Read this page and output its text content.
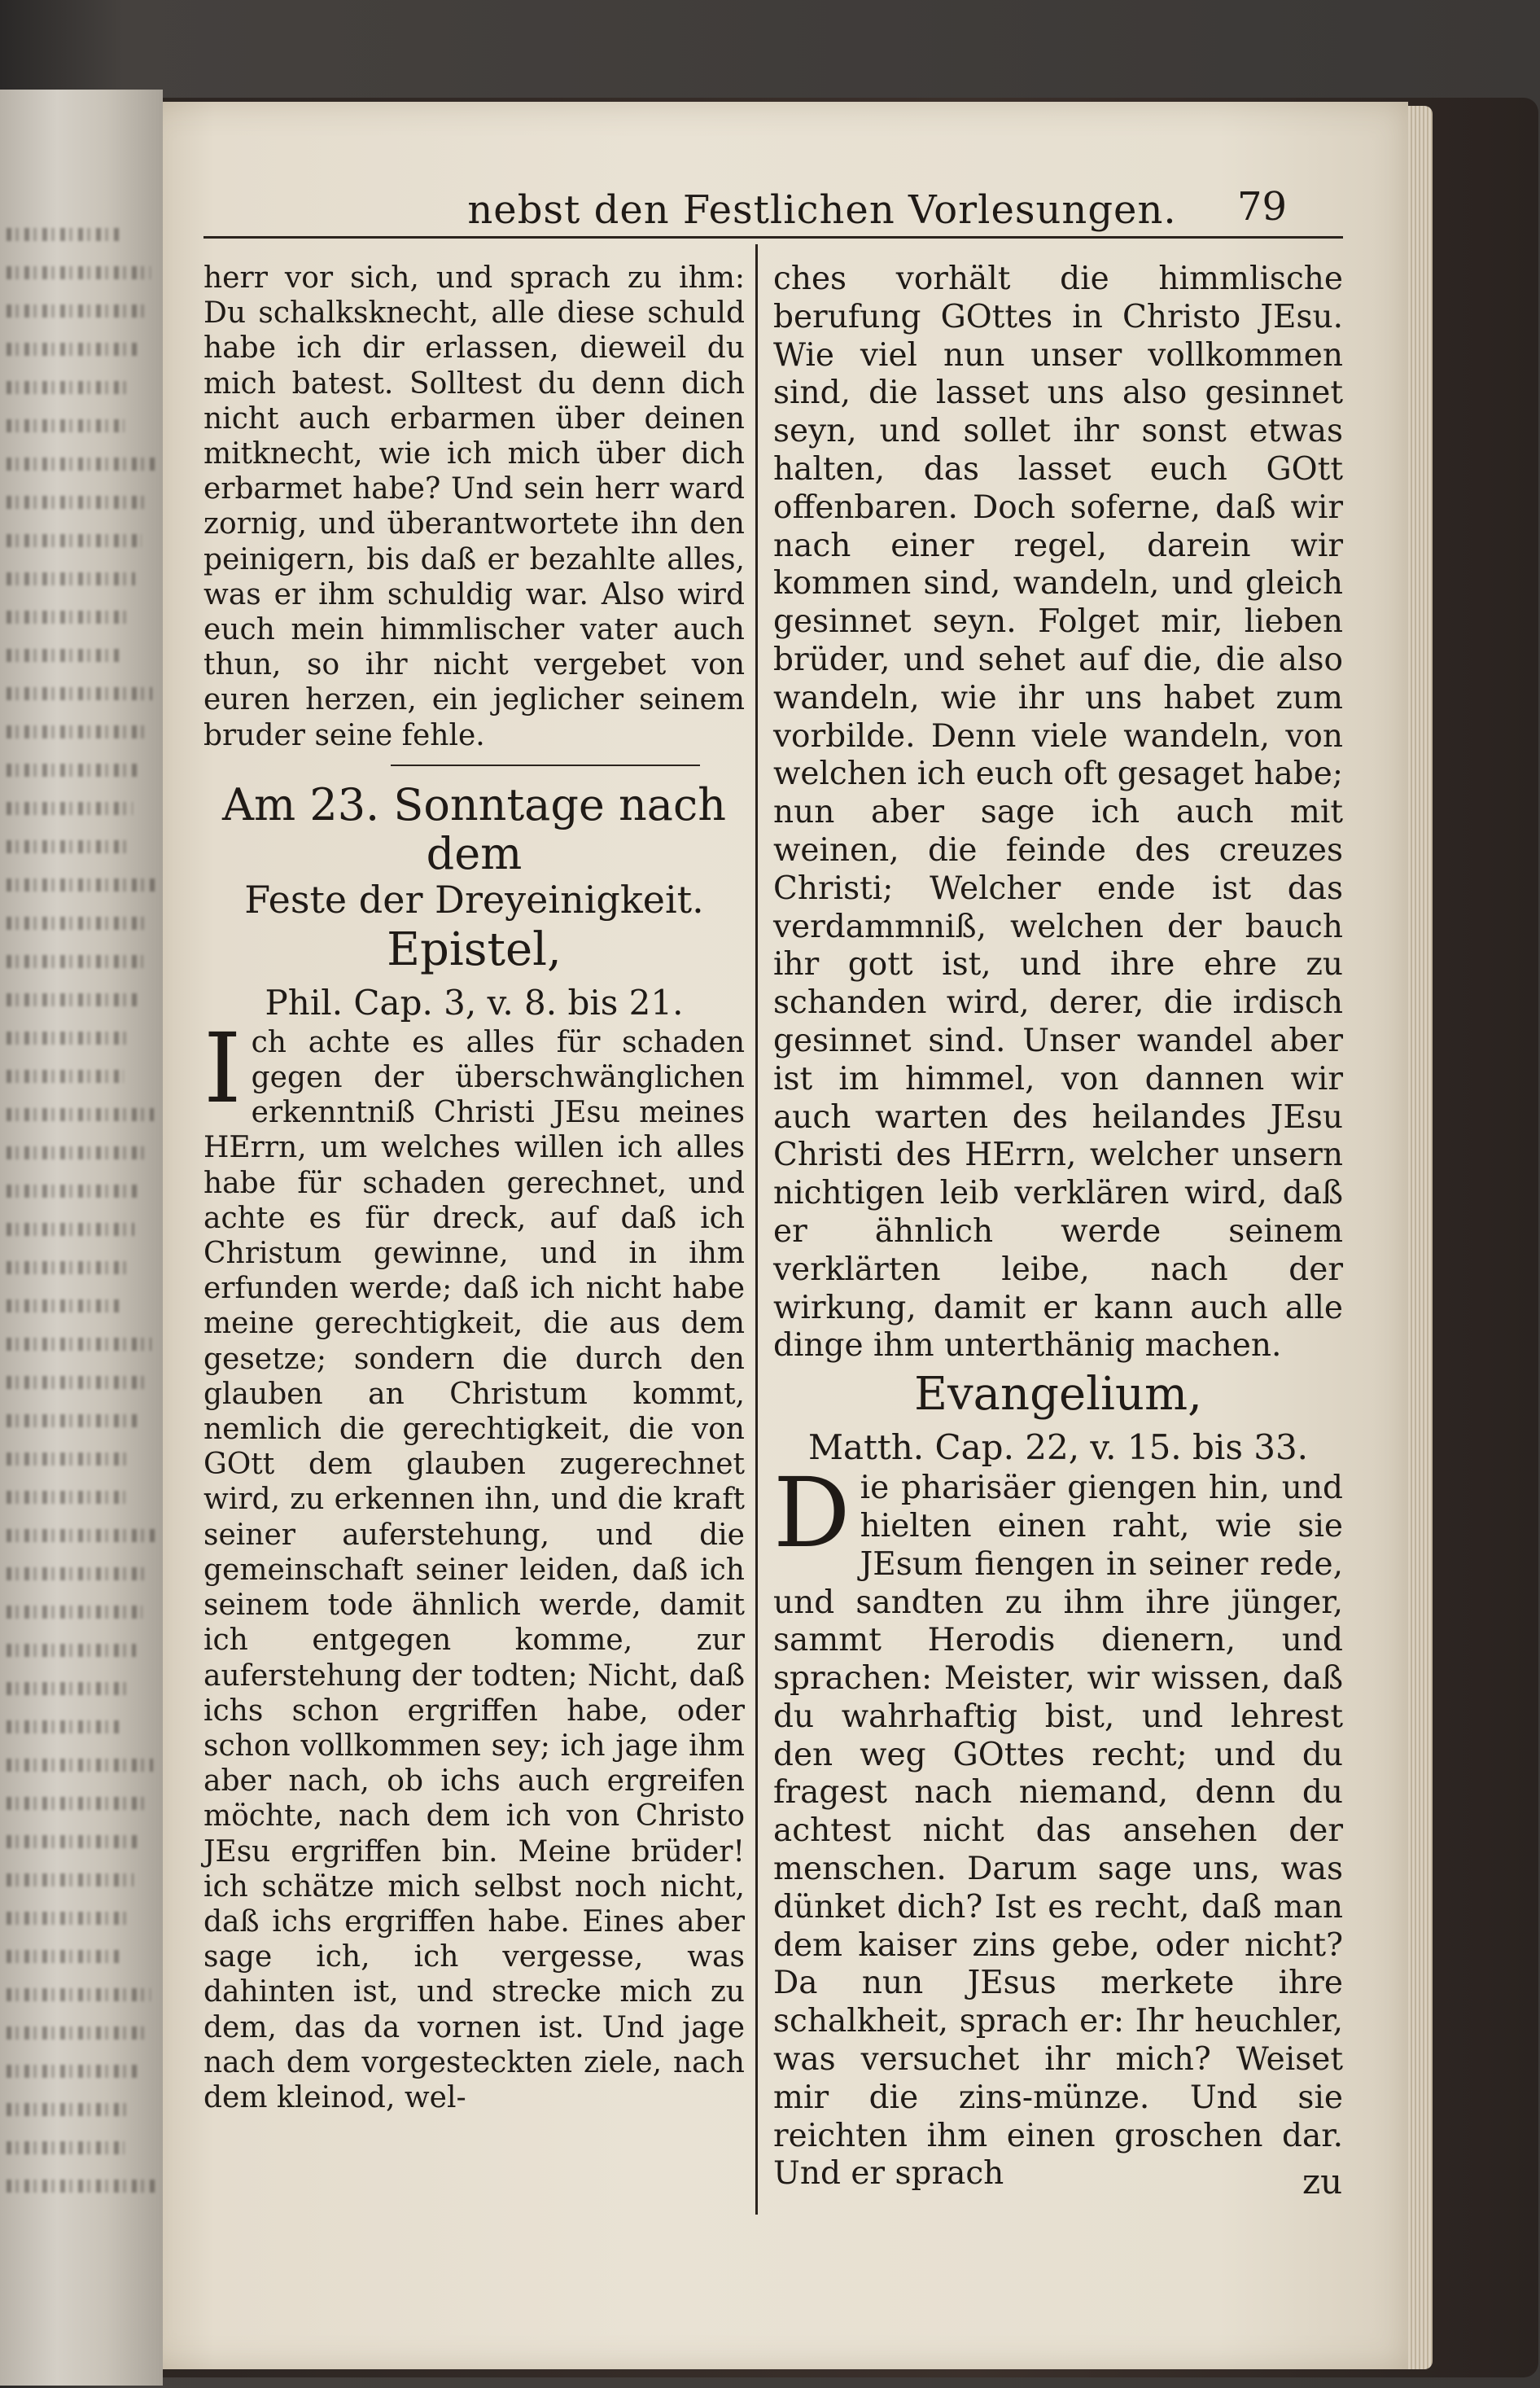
nebst den Festlichen Vorlesungen. 79

herr vor sich, und sprach zu ihm: Du schalksknecht, alle diese schuld habe ich dir erlassen, dieweil du mich batest. Solltest du denn dich nicht auch erbarmen über deinen mitknecht, wie ich mich über dich erbarmet habe? Und sein herr ward zornig, und überantwortete ihn den peinigern, bis daß er bezahlte alles, was er ihm schuldig war. Also wird euch mein himmlischer vater auch thun, so ihr nicht vergebet von euren herzen, ein jeglicher seinem bruder seine fehle.

Am 23. Sonntage nach dem

Feste der Dreyeinigkeit.

Epistel,

Phil. Cap. 3, v. 8. bis 21.

Ich achte es alles für schaden gegen der überschwänglichen erkenntniß Christi JEsu meines HErrn, um welches willen ich alles habe für schaden gerechnet, und achte es für dreck, auf daß ich Christum gewinne, und in ihm erfunden werde; daß ich nicht habe meine gerechtigkeit, die aus dem gesetze; sondern die durch den glauben an Christum kommt, nemlich die gerechtigkeit, die von GOtt dem glauben zugerechnet wird, zu erkennen ihn, und die kraft seiner auferstehung, und die gemeinschaft seiner leiden, daß ich seinem tode ähnlich werde, damit ich entgegen komme, zur auferstehung der todten; Nicht, daß ichs schon ergriffen habe, oder schon vollkommen sey; ich jage ihm aber nach, ob ichs auch ergreifen möchte, nach dem ich von Christo JEsu ergriffen bin. Meine brüder! ich schätze mich selbst noch nicht, daß ichs ergriffen habe. Eines aber sage ich, ich vergesse, was dahinten ist, und strecke mich zu dem, das da vornen ist. Und jage nach dem vorgesteckten ziele, nach dem kleinod, wel-

ches vorhält die himmlische berufung GOttes in Christo JEsu. Wie viel nun unser vollkommen sind, die lasset uns also gesinnet seyn, und sollet ihr sonst etwas halten, das lasset euch GOtt offenbaren. Doch soferne, daß wir nach einer regel, darein wir kommen sind, wandeln, und gleich gesinnet seyn. Folget mir, lieben brüder, und sehet auf die, die also wandeln, wie ihr uns habet zum vorbilde. Denn viele wandeln, von welchen ich euch oft gesaget habe; nun aber sage ich auch mit weinen, die feinde des creuzes Christi; Welcher ende ist das verdammniß, welchen der bauch ihr gott ist, und ihre ehre zu schanden wird, derer, die irdisch gesinnet sind. Unser wandel aber ist im himmel, von dannen wir auch warten des heilandes JEsu Christi des HErrn, welcher unsern nichtigen leib verklären wird, daß er ähnlich werde seinem verklärten leibe, nach der wirkung, damit er kann auch alle dinge ihm unterthänig machen.

Evangelium,

Matth. Cap. 22, v. 15. bis 33.

Die pharisäer giengen hin, und hielten einen raht, wie sie JEsum fiengen in seiner rede, und sandten zu ihm ihre jünger, sammt Herodis dienern, und sprachen: Meister, wir wissen, daß du wahrhaftig bist, und lehrest den weg GOttes recht; und du fragest nach niemand, denn du achtest nicht das ansehen der menschen. Darum sage uns, was dünket dich? Ist es recht, daß man dem kaiser zins gebe, oder nicht? Da nun JEsus merkete ihre schalkheit, sprach er: Ihr heuchler, was versuchet ihr mich? Weiset mir die zins-münze. Und sie reichten ihm einen groschen dar. Und er sprach	zu
